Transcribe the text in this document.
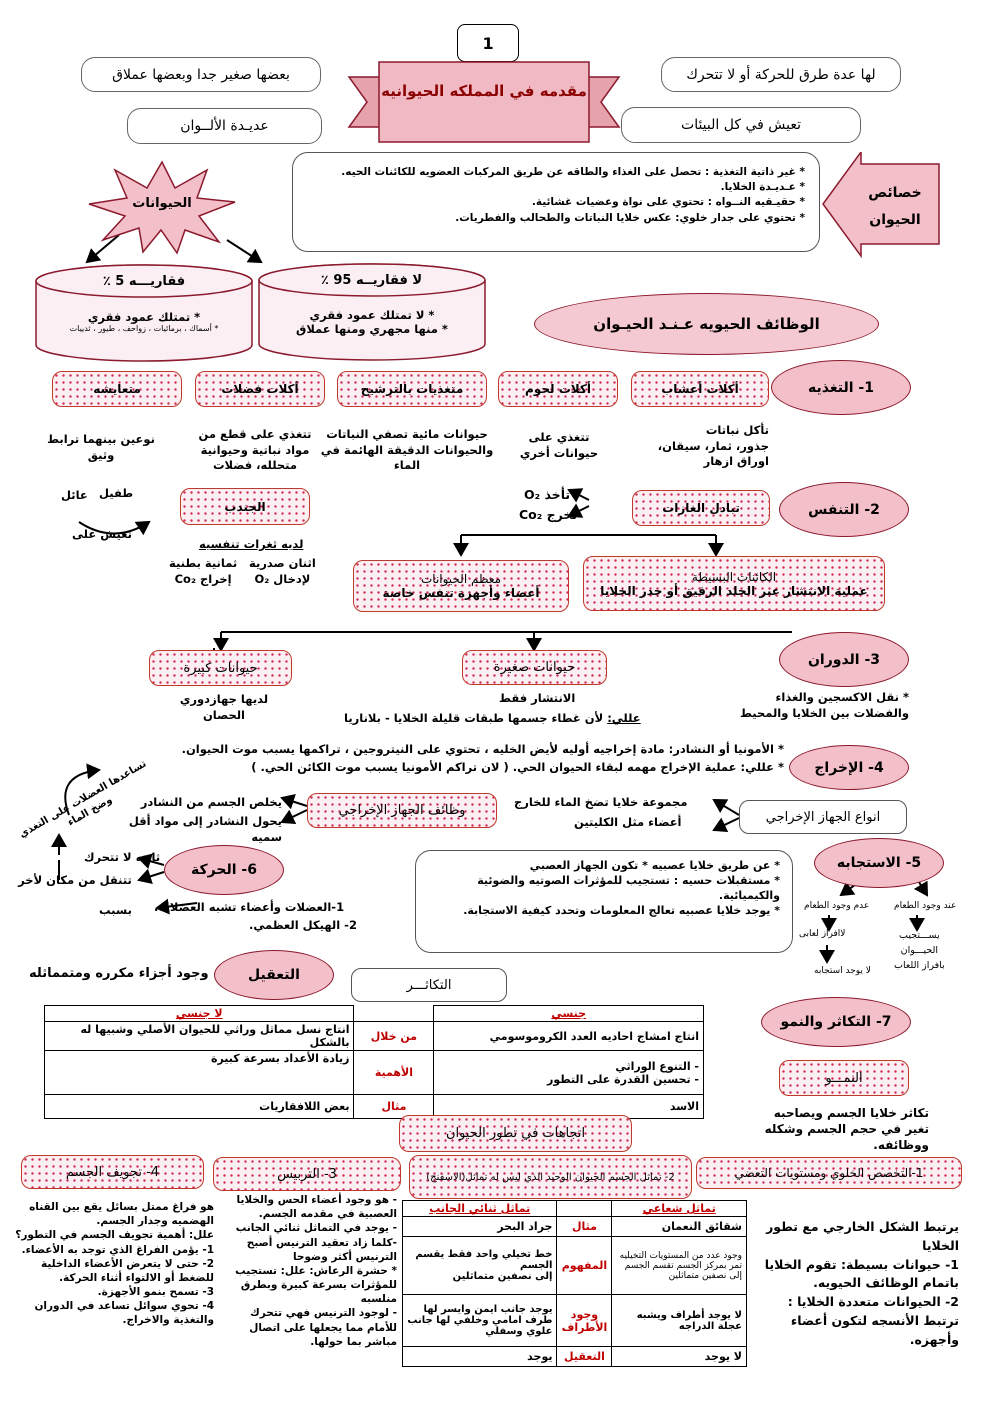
1
مقدمه في المملكه الحيوانيه
بعضها صغير جدا وبعضها عملاق	لها عدة طرق للحركة أو لا تتحرك
عديـدة الألــوان	تعيش في كل البيئات
* غير ذاتية التغذية : تحصل على الغذاء والطاقه عن طريق المركبات العضويه للكائنات الحيه.
* عـديـدة الخلايا.
* حقيـقيه النــواه : تحتوي على نواة وعضيات غشائية.
* تحتوي على جدار خلوي: عكس خلايا النباتات والطحالب والفطريات.
خصائص
الحيوان
الحيوانات
فقاريـــه 5 ٪
* تمتلك عمود فقري
* أسماك ، برمائيات ، زواحف ، طيور ، ثدييات
لا فقاريــه 95 ٪
* لا تمتلك عمود فقري
* منها مجهري ومنها عملاق	الوظائف الحيويه عـنـد الحيـوان
1- التغذيه
أكلات أعشاب
أكلات لحوم
متغذيات بالترشيح
أكلات فضلات
متعايشه
تأكل نباتات
جذور، ثمار، سيقان،
اوراق ازهار
تتغذي على
حيوانات أخري
حيوانات مائية تصفي النباتات
والحيوانات الدقيقة الهائمة في
الماء
تتغذي على قطع من
مواد نباتية وحيوانية
متحلله، فضلات
نوعين بينهما ترابط
وثيق
طفيل
عائل
تعيش على
2- التنفس
تبادل الغازات
تأخذ O₂
تخرج Co₂
الجندب
لديه ثغرات تنفسيه
اثنان صدرية
لإدخال O₂
ثمانية بطنية
إخراج Co₂	الكائنات البسيطة
عملية الانتشار عبر الجلد الرقيق أو جدر الخلايا
معظم الحيوانات
أعضاء وأجهزة تنفس خاصة
3- الدوران
* نقل الاكسجين والغذاء
والفضلات بين الخلايا والمحيط
حيوانات صغيرة
الانتشار فقط
عللي: لأن غطاء جسمها طبقات قليلة الخلايا - بلاناريا
حيوانات كبيرة
لديها جهازدوري
الحصان
4- الإخراج
* الأمونيا أو النشادر: مادة إخراجيه أوليه لأيض الخليه ، تحتوي على النيتروجين ، تراكمها يسبب موت الحيوان.
* عللي: عملية الإخراج مهمه لبقاء الحيوان الحي. ( لان تراكم الأمونيا يسبب موت الكائن الحي. )
انواع الجهاز الإخراجي
مجموعة خلايا تضخ الماء للخارج
أعضاء مثل الكليتين
وظائف الجهاز الإخراجي
يخلص الجسم من النشادر
يحول النشادر إلى مواد أقل سميه
تساعدها العضلات على التغذي وضخ الماء
6- الحركة
ثابته لا تتحرك
تتنقل من مكان لأخر
بسبب 1-العضلات وأعضاء تشبه العضلات.
2- الهيكل العظمي.
5- الاستجابه
* عن طريق خلايا عصبيه * تكون الجهاز العصبي
* مستقبلات حسيه : تستجيب للمؤثرات الصوتيه والضوئية والكيميائية.
* يوجد خلايا عصبيه تعالج المعلومات وتحدد كيفية الاستجابة.	عند وجود الطعام
عدم وجود الطعام
يســـتجيب
الحيـــوان
بافراز اللعاب
لاافراز لعابى
لا يوجد استجابه
التعقيل
وجود أجزاء مكرره ومتمماثله
التكاثـــر
7- التكاثر والنمو
النمـــو
تكاثر خلايا الجسم ويصاحبه تغير في حجم الجسم وشكله ووظائفه.
جنسي		لا جنسي
انتاج امشاج احاديه العدد الكروموسومي	من خلال	انتاج نسل مماثل وراثي للحيوان الأصلي وشبيها له بالشكل
- التنوع الوراثي
- تحسين القدرة على التطور	الأهمية	زيادة الأعداد بسرعة كبيرة
الاسد	مثال	بعض اللافقاريات
اتجاهات في تطور الحيوان
1-التخصص الخلوي ومستويات التعضي
2- تماثل الجسم الحيوان الوحيد الذي ليس له تماثل(الاسفنج)
3- التربيس
4- تجويف الجسم
يرتبط الشكل الخارجي مع تطور الخلايا
1- حيوانات بسيطة: تقوم الخلايا باتمام الوظائف الحيويه.
2- الحيوانات متعددة الخلايا : ترتبط الأنسجه لتكون أعضاء وأجهزه.
تماثل شعاعي		تماثل ثنائي الجانب
شقائق النعمان	مثال	جراد البحر
وجود عدد من المستويات التخيليه تمر بمركز الجسم تقسم الجسم إلى نصفين متماثلين	المفهوم	خط تخيلي واحد فقط يقسم الجسم
إلى نصفين متماثلين
لا يوجد أطراف ويشبه عجلة الدراجه	وجود الأطراف	يوجد جانب ايمن وايسر لها طرف امامي وخلفي لها جانب علوي وسفلي
لا يوجد	التعقيل	يوجد
- هو وجود أعضاء الحس والخلايا العصبية في مقدمه الجسم.
- يوجد في التماثل ثنائي الجانب
-كلما زاد تعقيد الترنيس أصبح الترنيس أكثر وضوحا
* حشرة الرعاش: علل: تستجيب للمؤثرات بسرعة كبيرة وبطرق منلسبه
- لوجود الترنيس فهي تتحرك للأمام مما يجعلها على اتصال مباشر بما حولها.
هو فراغ ممتل بسائل يقع بين القناه الهضميه وجدار الجسم.
علل: أهمية تجويف الجسم في التطور؟
1- يؤمن الفراغ الذي توجد به الأعضاء.
2- حتى لا يتعرض الأعضاء الداخلية للضغط أو الالتواء أثناء الحركة.
3- تسمح بنمو الأجهزة.
4- تحوي سوائل تساعد في الدوران والتغذية والاخراج.
